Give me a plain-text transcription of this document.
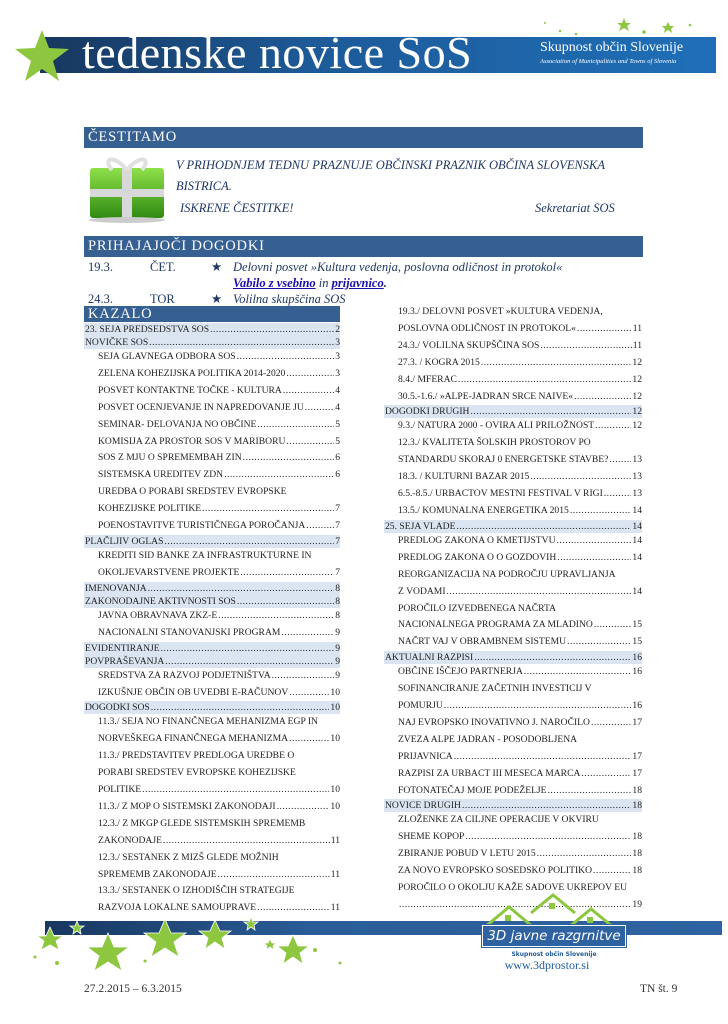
tedenske novice SoS	Skupnost občin Slovenije
Association of Municipalities and Towns of Slovenia
ČESTITAMO
V PRIHODNJEM TEDNU PRAZNUJE OBČINSKI PRAZNIK OBČINA SLOVENSKA BISTRICA.
ISKRENE ČESTITKE!	Sekretariat SOS
PRIHAJAJOČI DOGODKI
19.3.	ČET.	★ Delovni posvet »Kultura vedenja, poslovna odličnost in protokol«
Vabilo z vsebino in prijavnico.
24.3.	TOR	★ Volilna skupščina SOS
KAZALO
23. SEJA PREDSEDSTVA SOS .....	2
NOVIČKE SOS .....	3
SEJA GLAVNEGA ODBORA SOS .....	3
ZELENA KOHEZIJSKA POLITIKA 2014-2020 .....	3
POSVET KONTAKTNE TOČKE - KULTURA .....	4
POSVET OCENJEVANJE IN NAPREDOVANJE JU .....	4
SEMINAR- DELOVANJA NO OBČINE .....	5
KOMISIJA ZA PROSTOR SOS V MARIBORU .....	5
SOS Z MJU O SPREMEMBAH ZIN .....	6
SISTEMSKA UREDITEV ZDN .....	6
UREDBA O PORABI SREDSTEV EVROPSKE
KOHEZIJSKE POLITIKE .....	7
POENOSTAVITVE TURISTIČNEGA POROČANJA .....	7
PLAČLJIV OGLAS .....	7
KREDITI SID BANKE ZA INFRASTRUKTURNE IN
OKOLJEVARSTVENE PROJEKTE .....	7
IMENOVANJA .....	8
ZAKONODAJNE AKTIVNOSTI SOS .....	8
JAVNA OBRAVNAVA ZKZ-E .....	8
NACIONALNI STANOVANJSKI PROGRAM .....	9
EVIDENTIRANJE .....	9
POVPRAŠEVANJA .....	9
SREDSTVA ZA RAZVOJ PODJETNIŠTVA .....	9
IZKUŠNJE OBČIN OB UVEDBI E-RAČUNOV .....	10
DOGODKI SOS .....	10
11.3./ SEJA NO FINANČNEGA MEHANIZMA EGP IN
NORVEŠKEGA FINANČNEGA MEHANIZMA .....	10
11.3./ PREDSTAVITEV PREDLOGA UREDBE O
PORABI SREDSTEV EVROPSKE KOHEZIJSKE
POLITIKE .....	10
11.3./ Z MOP O SISTEMSKI ZAKONODAJI .....	10
12.3./ Z MKGP GLEDE SISTEMSKIH SPREMEMB
ZAKONODAJE .....	11
12.3./ SESTANEK Z MIZŠ GLEDE MOŽNIH
SPREMEMB ZAKONODAJE .....	11
13.3./ SESTANEK O IZHODIŠČIH STRATEGIJE
RAZVOJA LOKALNE SAMOUPRAVE .....	11
19.3./ DELOVNI POSVET »KULTURA VEDENJA,
POSLOVNA ODLIČNOST IN PROTOKOL« .....	11
24.3./ VOLILNA SKUPŠČINA SOS .....	11
27.3. / KOGRA 2015 .....	12
8.4./ MFERAC .....	12
30.5.-1.6./ »ALPE-JADRAN SRCE NAIVE« .....	12
DOGODKI DRUGIH .....	12
9.3./ NATURA 2000 - OVIRA ALI PRILOŽNOST .....	12
12.3./ KVALITETA ŠOLSKIH PROSTOROV PO
STANDARDU SKORAJ 0 ENERGETSKE STAVBE? ..... 13
18.3. / KULTURNI BAZAR 2015 .....	13
6.5.-8.5./ URBACTOV MESTNI FESTIVAL V RIGI .....	13
13.5./ KOMUNALNA ENERGETIKA 2015 .....	14
25. SEJA VLADE .....	14
PREDLOG ZAKONA O KMETIJSTVU .....	14
PREDLOG ZAKONA O O GOZDOVIH .....	14
REORGANIZACIJA NA PODROČJU UPRAVLJANJA
Z VODAMI .....	14
POROČILO IZVEDBENEGA NAČRTA
NACIONALNEGA PROGRAMA ZA MLADINO .....	15
NAČRT VAJ V OBRAMBNEM SISTEMU .....	15
AKTUALNI RAZPISI .....	16
OBČINE IŠČEJO PARTNERJA .....	16
SOFINANCIRANJE ZAČETNIH INVESTICIJ V
POMURJU .....	16
NAJ EVROPSKO INOVATIVNO J. NAROČILO .....	17
ZVEZA ALPE JADRAN - POSODOBLJENA
PRIJAVNICA .....	17
RAZPISI ZA URBACT III MESECA MARCA .....	17
FOTONATEČAJ MOJE PODEŽELJE .....	18
NOVICE DRUGIH .....	18
ZLOŽENKE ZA CILJNE OPERACIJE V OKVIRU
SHEME KOPOP .....	18
ZBIRANJE POBUD V LETU 2015 .....	18
ZA NOVO EVROPSKO SOSEDSKO POLITIKO .....	18
POROČILO O OKOLJU KAŽE SADOVE UKREPOV EU
.....
19
3D javne razgrnitve
Skupnost občin Slovenije
www.3dprostor.si
27.2.2015 – 6.3.2015	TN št. 9
